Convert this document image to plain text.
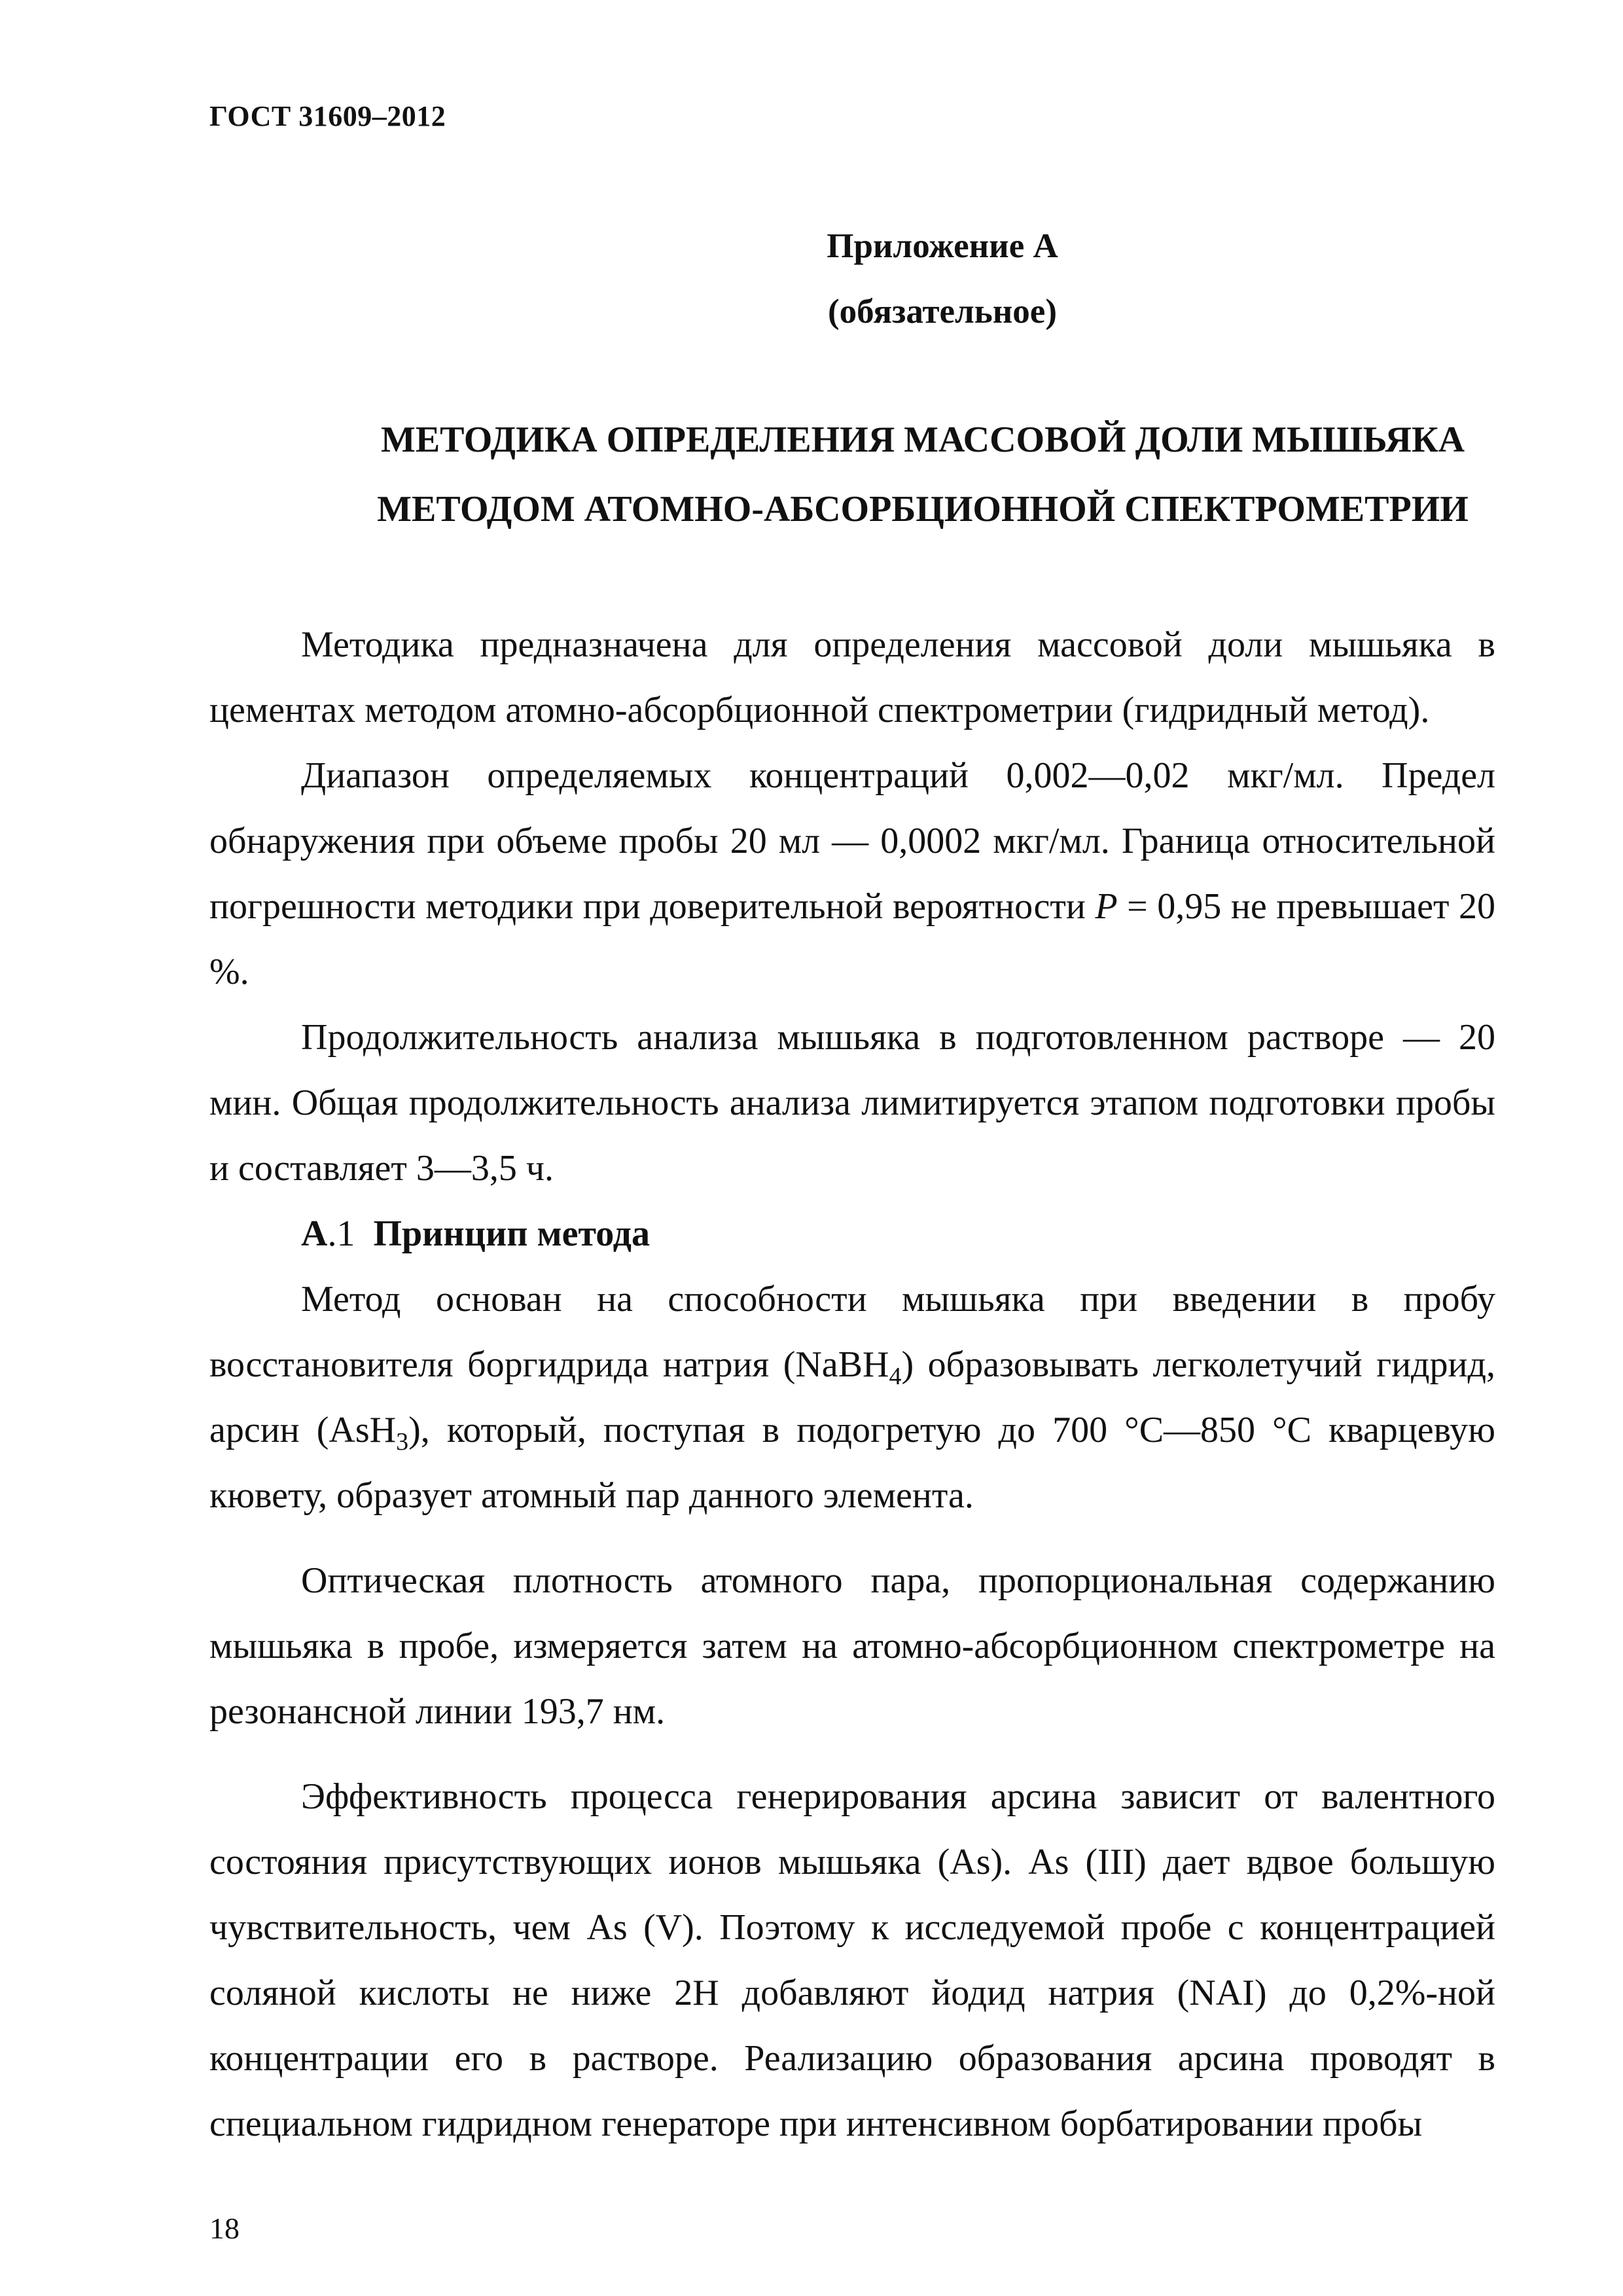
ГОСТ 31609–2012
Приложение А
(обязательное)
МЕТОДИКА ОПРЕДЕЛЕНИЯ МАССОВОЙ ДОЛИ МЫШЬЯКА
МЕТОДОМ АТОМНО-АБСОРБЦИОННОЙ СПЕКТРОМЕТРИИ

Методика предназначена для определения массовой доли мышьяка в цементах методом атомно-абсорбционной спектрометрии (гидридный метод).

Диапазон определяемых концентраций 0,002—0,02 мкг/мл. Предел обнаружения при объеме пробы 20 мл — 0,0002 мкг/мл. Граница относительной погрешности методики при доверительной вероятности P = 0,95 не превышает 20 %.

Продолжительность анализа мышьяка в подготовленном растворе — 20 мин. Общая продолжительность анализа лимитируется этапом подготовки пробы и составляет 3—3,5 ч.

А.1 Принцип метода

Метод основан на способности мышьяка при введении в пробу восстановителя боргидрида натрия (NaBH$_4$) образовывать легколетучий гидрид, арсин (AsH$_3$), который, поступая в подогретую до 700 °С—850 °С кварцевую кювету, образует атомный пар данного элемента.

Оптическая плотность атомного пара, пропорциональная содержанию мышьяка в пробе, измеряется затем на атомно-абсорбционном спектрометре на резонансной линии 193,7 нм.

Эффективность процесса генерирования арсина зависит от валентного состояния присутствующих ионов мышьяка (As). As (III) дает вдвое большую чувствительность, чем As (V). Поэтому к исследуемой пробе с концентрацией соляной кислоты не ниже 2Н добавляют йодид натрия (NAI) до 0,2%-ной концентрации его в растворе. Реализацию образования арсина проводят в специальном гидридном генераторе при интенсивном борбатировании пробы

18
